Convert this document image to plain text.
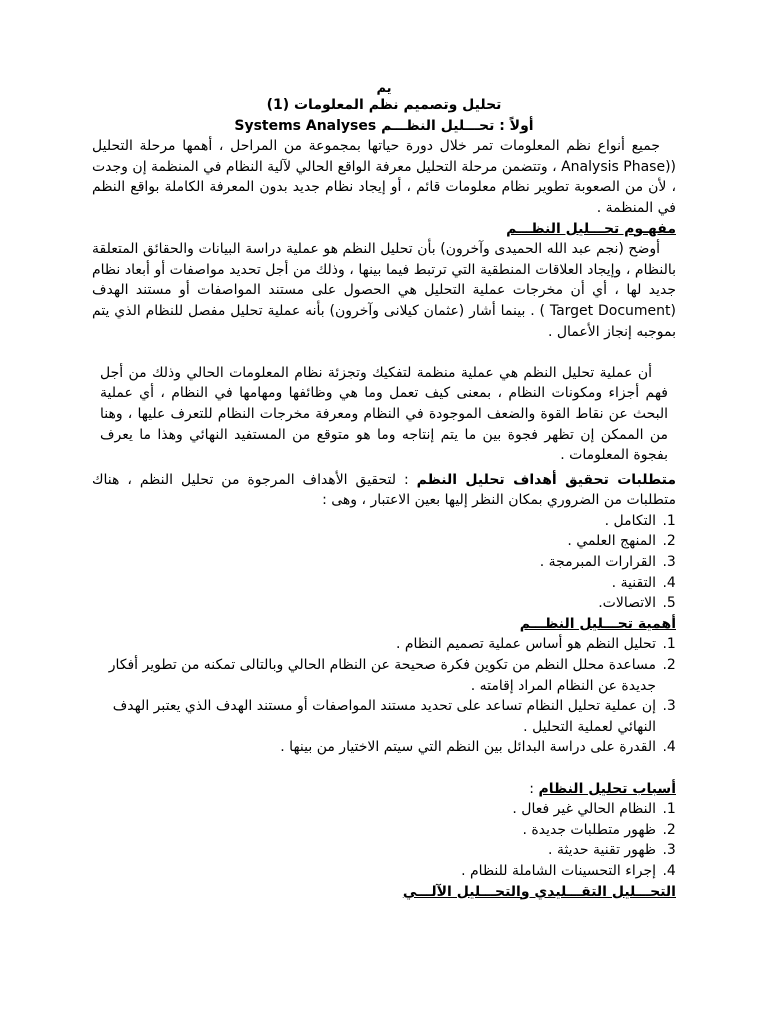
يم
تحليل وتصميم نظم المعلومات (1)
أولاً : تحـــليل النظـــم Systems Analyses

جميع أنواع نظم المعلومات تمر خلال دورة حياتها بمجموعة من المراحل ، أهمها مرحلة التحليل ((Analysis Phase ، وتتضمن مرحلة التحليل معرفة الواقع الحالي لآلية النظام في المنظمة إن وجدت ، لأن من الصعوبة تطوير نظام معلومات قائم ، أو إيجاد نظام جديد بدون المعرفة الكاملة بواقع النظم في المنظمة .

مفهـوم تحـــليل النظـــم

أوضح (نجم عبد الله الحميدى وآخرون) بأن تحليل النظم هو عملية دراسة البيانات والحقائق المتعلقة بالنظام ، وإيجاد العلاقات المنطقية التي ترتبط فيما بينها ، وذلك من أجل تحديد مواصفات أو أبعاد نظام جديد لها ، أي أن مخرجات عملية التحليل هي الحصول على مستند المواصفات أو مستند الهدف (Target Document ) . بينما أشار (عثمان كيلانى وآخرون) بأنه عملية تحليل مفصل للنظام الذي يتم بموجبه إنجاز الأعمال .

أن عملية تحليل النظم هي عملية منظمة لتفكيك وتجزئة نظام المعلومات الحالي وذلك من أجل فهم أجزاء ومكونات النظام ، بمعنى كيف تعمل وما هي وظائفها ومهامها في النظام ، أي عملية البحث عن نقاط القوة والضعف الموجودة في النظام ومعرفة مخرجات النظام للتعرف عليها ، وهنا من الممكن إن تظهر فجوة بين ما يتم إنتاجه وما هو متوقع من المستفيد النهائي وهذا ما يعرف بفجوة المعلومات .

متطلبات تحقيق أهداف تحليل النظم : لتحقيق الأهداف المرجوة من تحليل النظم ، هناك متطلبات من الضروري بمكان النظر إليها بعين الاعتبار ، وهى :
1. التكامل .
2. المنهج العلمي .
3. القرارات المبرمجة .
4. التقنية .
5. الاتصالات.
أهمية تحـــليل النظـــم
1. تحليل النظم هو أساس عملية تصميم النظام .
2. مساعدة محلل النظم من تكوين فكرة صحيحة عن النظام الحالي وبالتالى تمكنه من تطوير أفكار جديدة عن النظام المراد إقامته .
3. إن عملية تحليل النظام تساعد على تحديد مستند المواصفات أو مستند الهدف الذي يعتبر الهدف النهائي لعملية التحليل .
4. القدرة على دراسة البدائل بين النظم التي سيتم الاختيار من بينها .
أسباب تحليل النظام :
1. النظام الحالي غير فعال .
2. ظهور متطلبات جديدة .
3. ظهور تقنية حديثة .
4. إجراء التحسينات الشاملة للنظام .
التحـــليل التقـــليدي والتحـــليل الآلـــي
